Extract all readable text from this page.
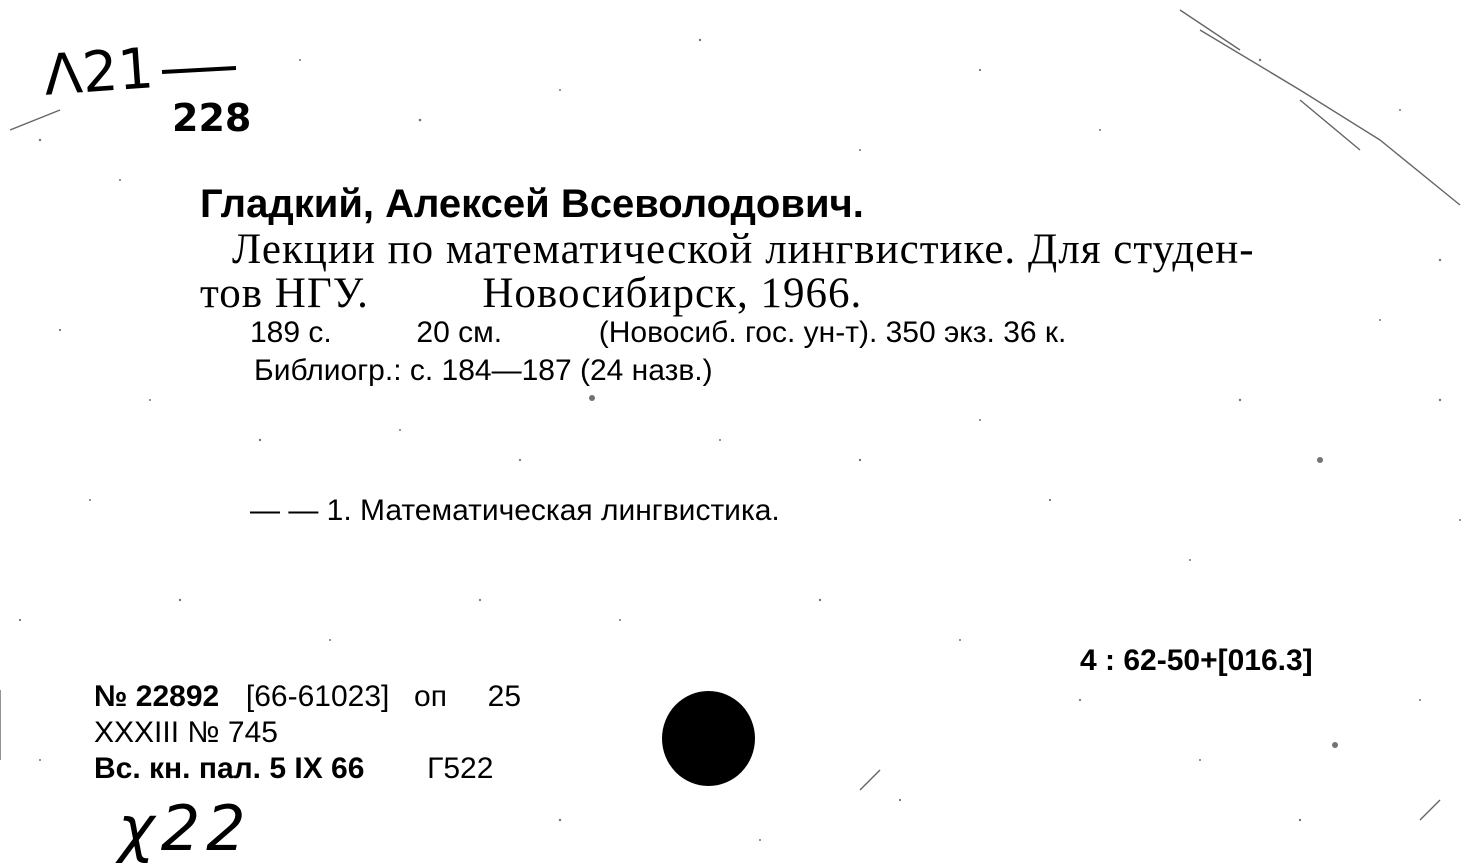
Λ21
228
Гладкий, Алексей Всеволодович.
Лекции по математической лингвистике. Для студен-
тов НГУ.	Новосибирск, 1966.
189 с.	20 см.	(Новосиб. гос. ун-т). 350 экз. 36 к.
Библиогр.: с. 184—187 (24 назв.)
— — 1. Математическая лингвистика.
4 : 62-50+[016.3]
№ 22892 [66-61023] оп 25
XXXIII № 745
Вс. кн. пал. 5 IX 66 Г522
χ22
